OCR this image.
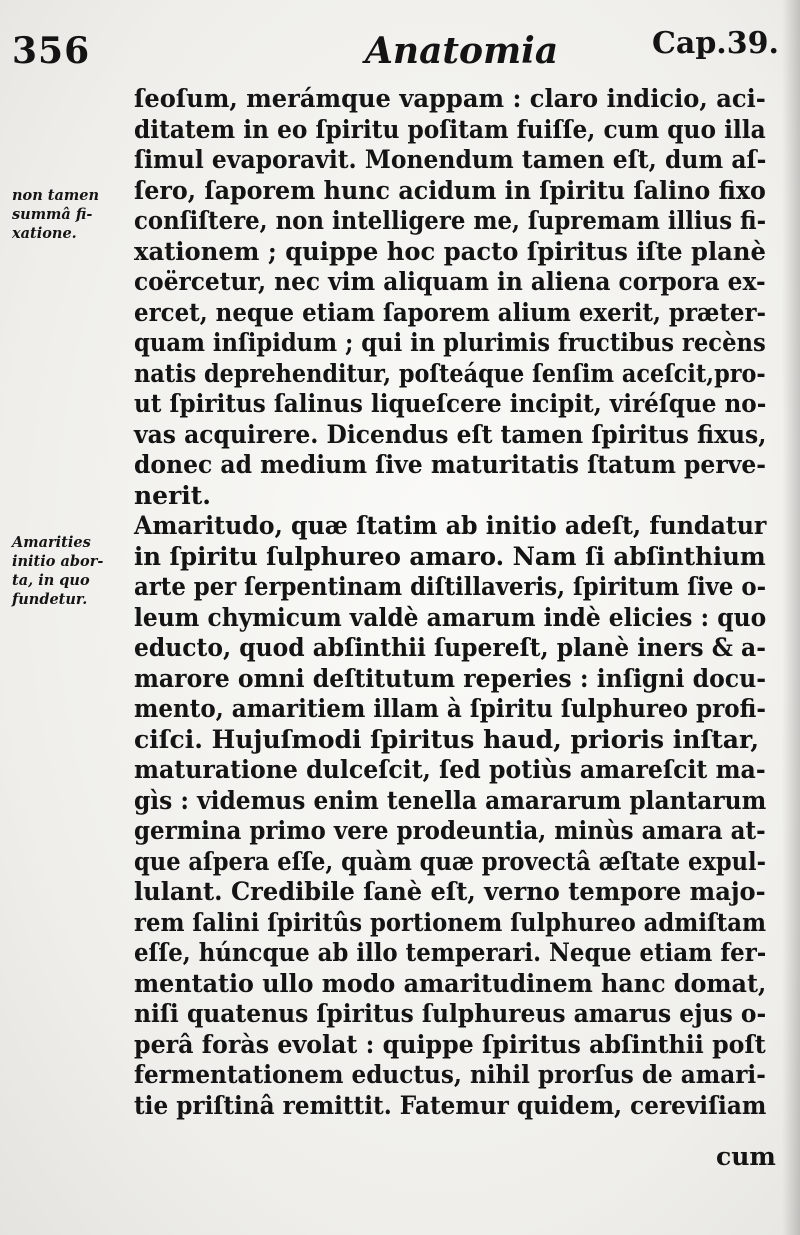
356	Anatomia	Cap.39.
non tamen
summâ fi-
xatione.
Amarities
initio abor-
ta, in quo
fundetur.
ſeoſum, merámque vappam : claro indicio, aci-
ditatem in eo ſpiritu poſitam fuiſſe, cum quo illa
ſimul evaporavit. Monendum tamen eſt, dum aſ-
ſero, ſaporem hunc acidum in ſpiritu ſalino fixo
conſiſtere, non intelligere me, ſupremam illius fi-
xationem ; quippe hoc pacto ſpiritus iſte planè
coërcetur, nec vim aliquam in aliena corpora ex-
ercet, neque etiam ſaporem alium exerit, præter-
quam inſipidum ; qui in plurimis fructibus recèns
natis deprehenditur, poſteáque ſenſim aceſcit,pro-
ut ſpiritus ſalinus liqueſcere incipit, viréſque no-
vas acquirere. Dicendus eſt tamen ſpiritus fixus,
donec ad medium ſive maturitatis ſtatum perve-
nerit.
Amaritudo, quæ ſtatim ab initio adeſt, fundatur
in ſpiritu ſulphureo amaro. Nam ſi abſinthium
arte per ſerpentinam diſtillaveris, ſpiritum ſive o-
leum chymicum valdè amarum indè elicies : quo
educto, quod abſinthii ſupereſt, planè iners & a-
marore omni deſtitutum reperies : inſigni docu-
mento, amaritiem illam à ſpiritu ſulphureo profi-
ciſci. Hujuſmodi ſpiritus haud, prioris inſtar,
maturatione dulceſcit, ſed potiùs amareſcit ma-
gìs : videmus enim tenella amararum plantarum
germina primo vere prodeuntia, minùs amara at-
que aſpera eſſe, quàm quæ provectâ æſtate expul-
lulant. Credibile ſanè eſt, verno tempore majo-
rem ſalini ſpiritûs portionem ſulphureo admiſtam
eſſe, húncque ab illo temperari. Neque etiam fer-
mentatio ullo modo amaritudinem hanc domat,
niſi quatenus ſpiritus ſulphureus amarus ejus o-
perâ foràs evolat : quippe ſpiritus abſinthii poſt
fermentationem eductus, nihil prorſus de amari-
tie priſtinâ remittit. Fatemur quidem, cereviſiam
cum
